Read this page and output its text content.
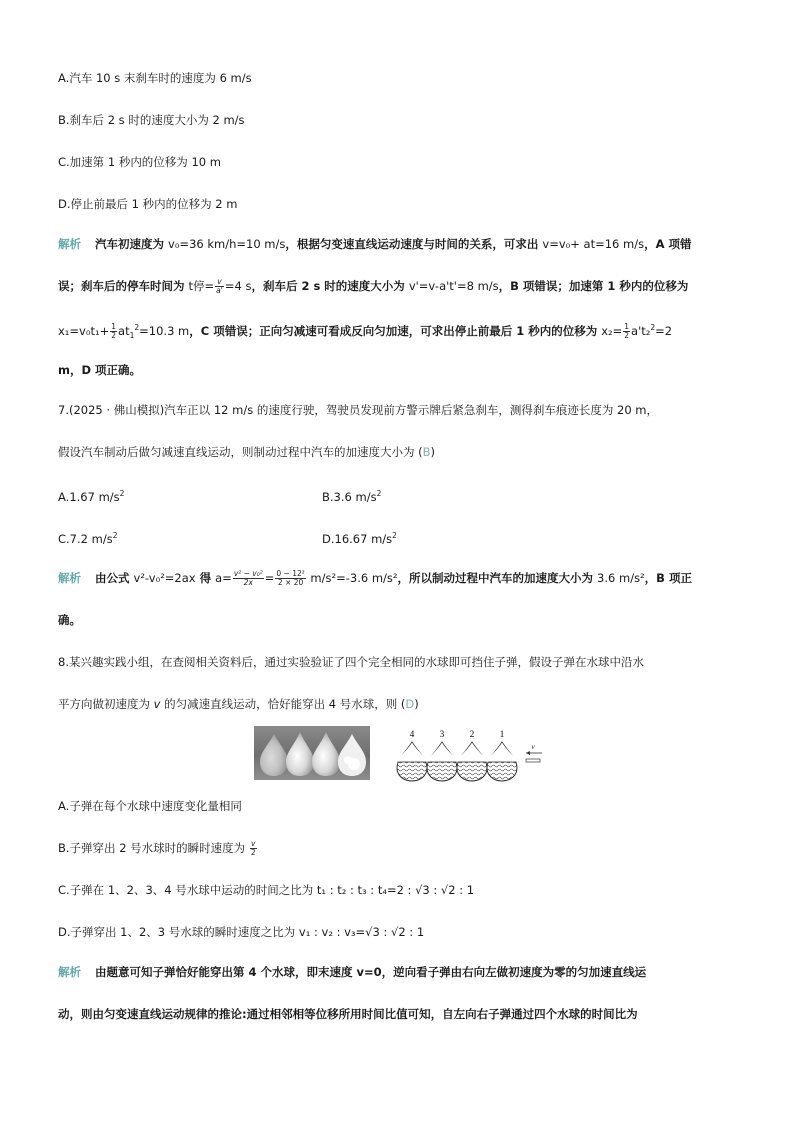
A.汽车 10 s 末刹车时的速度为 6 m/s
B.刹车后 2 s 时的速度大小为 2 m/s
C.加速第 1 秒内的位移为 10 m
D.停止前最后 1 秒内的位移为 2 m
解析 汽车初速度为 v₀=36 km/h=10 m/s，根据匀变速直线运动速度与时间的关系，可求出 v=v₀+ at=16 m/s，A 项错
误；刹车后的停车时间为 t停= $\frac{v}{a'} =4$ s，刹车后 2 s 时的速度大小为 v'=v-a't'=8 m/s，B 项错误；加速第 1 秒内的位移为
$x_1=v_0t_1+ \frac{1}{2} at_1^2=10.3$ m，C 项错误；正向匀减速可看成反向匀加速，可求出停止前最后 1 秒内的位移为 $x_2= \frac{1}{2} a't_2^2=2$
m，D 项正确。
7.(2025 · 佛山模拟)汽车正以 12 m/s 的速度行驶，驾驶员发现前方警示牌后紧急刹车，测得刹车痕迹长度为 20 m，
假设汽车制动后做匀减速直线运动，则制动过程中汽车的加速度大小为 (B)
A.1.67 $m/s^2$	B.3.6 $m/s^2$
C.7.2 $m/s^2$	D.16.67 $m/s^2$
解析 由公式 v²-v₀²=2ax 得 $a= \frac{\text{v² − v₀²}}{2x} = \frac{\text{0 − 12²}}{2 \times 20} m/s^2=-3.6$ m/s²，所以制动过程中汽车的加速度大小为 3.6 m/s²，B 项正
确。
8.某兴趣实践小组，在查阅相关资料后，通过实验验证了四个完全相同的水球即可挡住子弹，假设子弹在水球中沿水
平方向做初速度为 v 的匀减速直线运动，恰好能穿出 4 号水球，则 (D)
4	3	2	1
v
A.子弹在每个水球中速度变化量相同
B.子弹穿出 2 号水球时的瞬时速度为 $\frac{v}{2}$
C.子弹在 1、2、3、4 号水球中运动的时间之比为 t₁ : t₂ : t₃ : t₄=2 : √3 : √2 : 1
D.子弹穿出 1、2、3 号水球的瞬时速度之比为 v₁ : v₂ : v₃=√3 : √2 : 1
解析 由题意可知子弹恰好能穿出第 4 个水球，即末速度 v=0，逆向看子弹由右向左做初速度为零的匀加速直线运
动，则由匀变速直线运动规律的推论:通过相邻相等位移所用时间比值可知，自左向右子弹通过四个水球的时间比为
